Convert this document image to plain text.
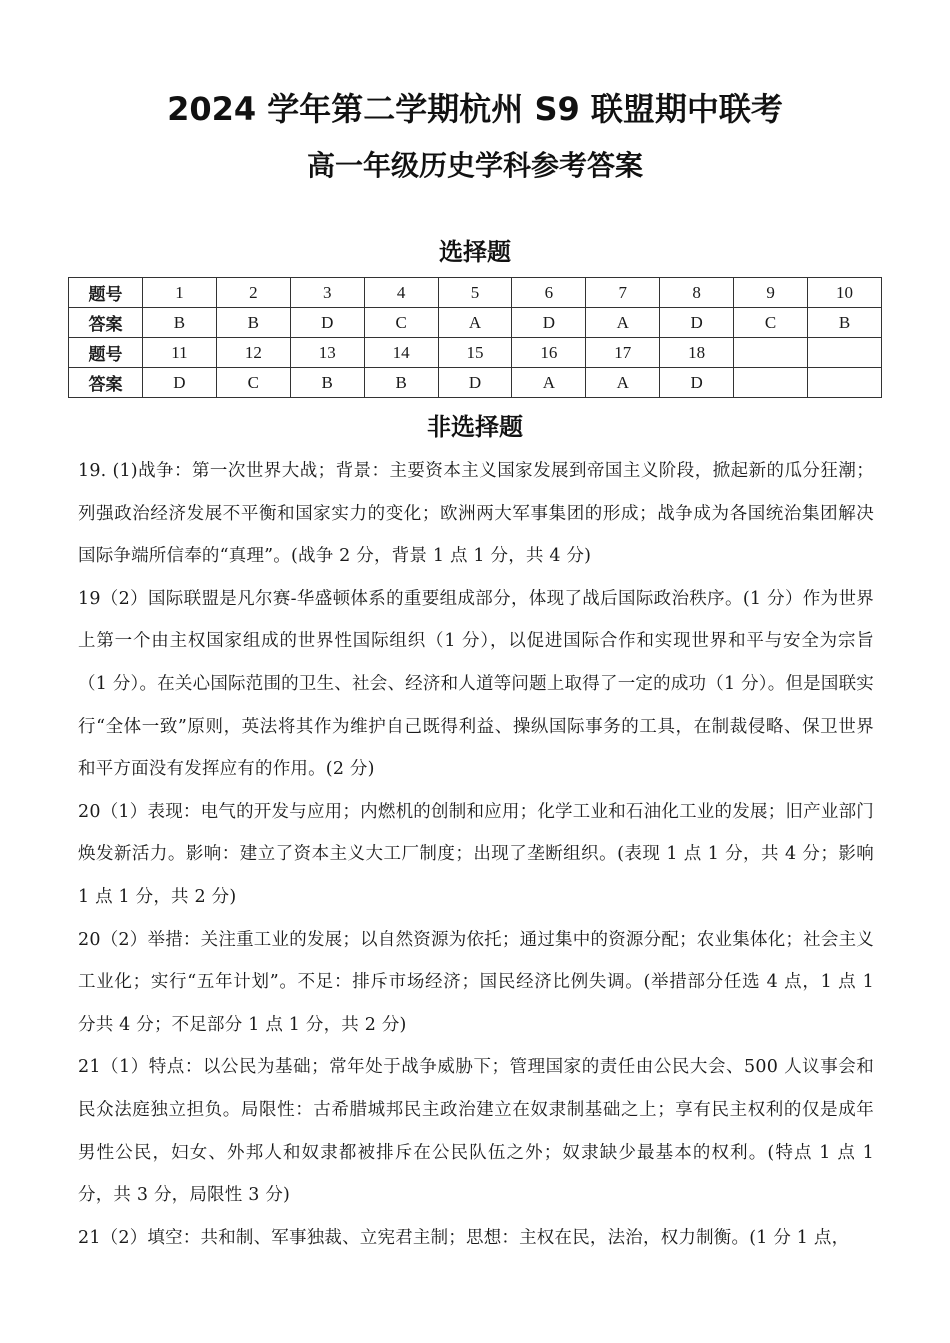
2024 学年第二学期杭州 S9 联盟期中联考
高一年级历史学科参考答案
选择题
题号	1	2	3	4	5	6	7	8	9	10
答案	B	B	D	C	A	D	A	D	C	B
题号	11	12	13	14	15	16	17	18		
答案	D	C	B	B	D	A	A	D		
非选择题

19. (1)战争：第一次世界大战；背景：主要资本主义国家发展到帝国主义阶段，掀起新的瓜分狂潮；列强政治经济发展不平衡和国家实力的变化；欧洲两大军事集团的形成；战争成为各国统治集团解决国际争端所信奉的“真理”。(战争 2 分，背景 1 点 1 分，共 4 分)

19（2）国际联盟是凡尔赛-华盛顿体系的重要组成部分，体现了战后国际政治秩序。(1 分）作为世界上第一个由主权国家组成的世界性国际组织（1 分），以促进国际合作和实现世界和平与安全为宗旨（1 分）。在关心国际范围的卫生、社会、经济和人道等问题上取得了一定的成功（1 分）。但是国联实行“全体一致”原则，英法将其作为维护自己既得利益、操纵国际事务的工具，在制裁侵略、保卫世界和平方面没有发挥应有的作用。(2 分)

20（1）表现：电气的开发与应用；内燃机的创制和应用；化学工业和石油化工业的发展；旧产业部门焕发新活力。影响：建立了资本主义大工厂制度；出现了垄断组织。(表现 1 点 1 分，共 4 分；影响 1 点 1 分，共 2 分)

20（2）举措：关注重工业的发展；以自然资源为依托；通过集中的资源分配；农业集体化；社会主义工业化；实行“五年计划”。不足：排斥市场经济；国民经济比例失调。(举措部分任选 4 点，1 点 1 分共 4 分；不足部分 1 点 1 分，共 2 分)

21（1）特点：以公民为基础；常年处于战争威胁下；管理国家的责任由公民大会、500 人议事会和民众法庭独立担负。局限性：古希腊城邦民主政治建立在奴隶制基础之上；享有民主权利的仅是成年男性公民，妇女、外邦人和奴隶都被排斥在公民队伍之外；奴隶缺少最基本的权利。(特点 1 点 1 分，共 3 分，局限性 3 分)

21（2）填空：共和制、军事独裁、立宪君主制；思想：主权在民，法治，权力制衡。(1 分 1 点，
